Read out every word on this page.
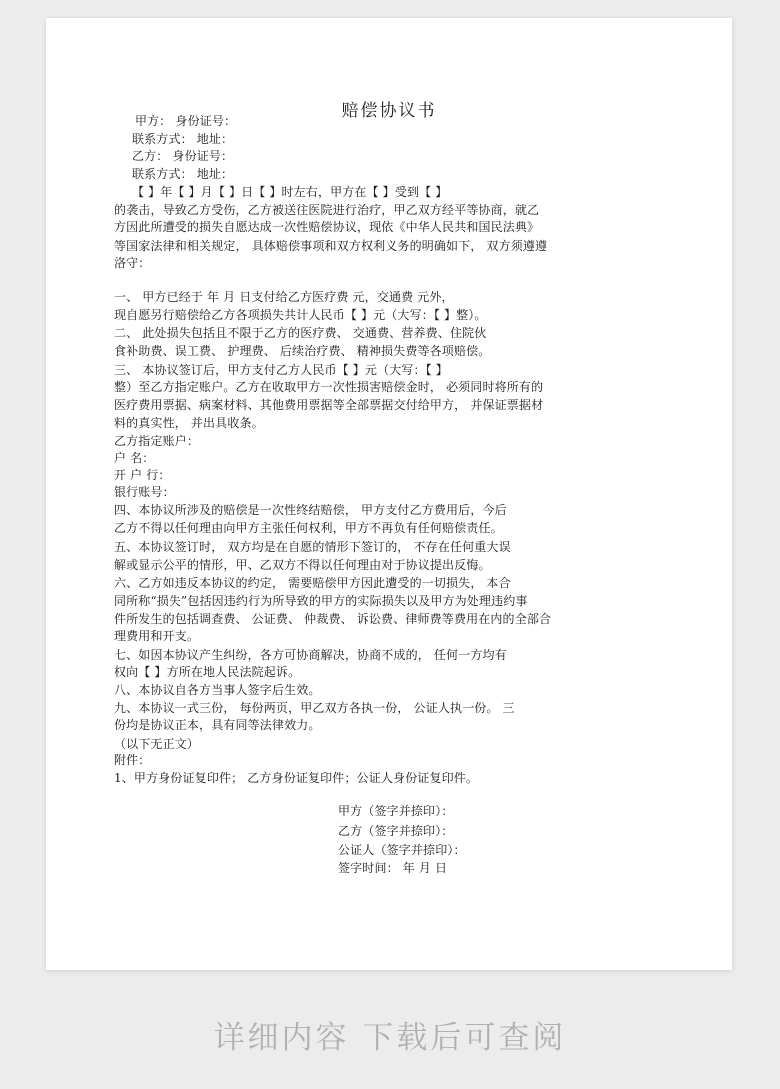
赔偿协议书
甲方： 身份证号：
联系方式： 地址：
乙方： 身份证号：
联系方式： 地址：
【 】年【 】月【 】日【 】时左右，甲方在【 】受到【 】
的袭击，导致乙方受伤，乙方被送往医院进行治疗，甲乙双方经平等协商，就乙
方因此所遭受的损失自愿达成一次性赔偿协议，现依《中华人民共和国民法典》
等国家法律和相关规定， 具体赔偿事项和双方权利义务的明确如下， 双方须遵遵
洛守：
一、 甲方已经于 年 月 日支付给乙方医疗费 元，交通费 元外，
现自愿另行赔偿给乙方各项损失共计人民币【 】元（大写：【 】整）。
二、 此处损失包括且不限于乙方的医疗费、 交通费、营养费、住院伙
食补助费、误工费、 护理费、 后续治疗费、 精神损失费等各项赔偿。
三、 本协议签订后，甲方支付乙方人民币【 】元（大写：【 】
整）至乙方指定账户。乙方在收取甲方一次性损害赔偿金时， 必须同时将所有的
医疗费用票据、病案材料、其他费用票据等全部票据交付给甲方， 并保证票据材
料的真实性， 并出具收条。
乙方指定账户：
户 名：
开 户 行：
银行账号：
四、本协议所涉及的赔偿是一次性终结赔偿， 甲方支付乙方费用后，今后
乙方不得以任何理由向甲方主张任何权利，甲方不再负有任何赔偿责任。
五、本协议签订时， 双方均是在自愿的情形下签订的， 不存在任何重大误
解或显示公平的情形，甲、乙双方不得以任何理由对于协议提出反悔。
六、乙方如违反本协议的约定， 需要赔偿甲方因此遭受的一切损失， 本合
同所称“损失”包括因违约行为所导致的甲方的实际损失以及甲方为处理违约事
件所发生的包括调查费、 公证费、 仲裁费、 诉讼费、律师费等费用在内的全部合
理费用和开支。
七、如因本协议产生纠纷，各方可协商解决，协商不成的， 任何一方均有
权向【 】方所在地人民法院起诉。
八、本协议自各方当事人签字后生效。
九、本协议一式三份， 每份两页，甲乙双方各执一份， 公证人执一份。 三
份均是协议正本，具有同等法律效力。
（以下无正文）
附件：
1、甲方身份证复印件； 乙方身份证复印件；公证人身份证复印件。
甲方（签字并捺印）：
乙方（签字并捺印）：
公证人（签字并捺印）：
签字时间： 年 月 日
详细内容 下载后可查阅
